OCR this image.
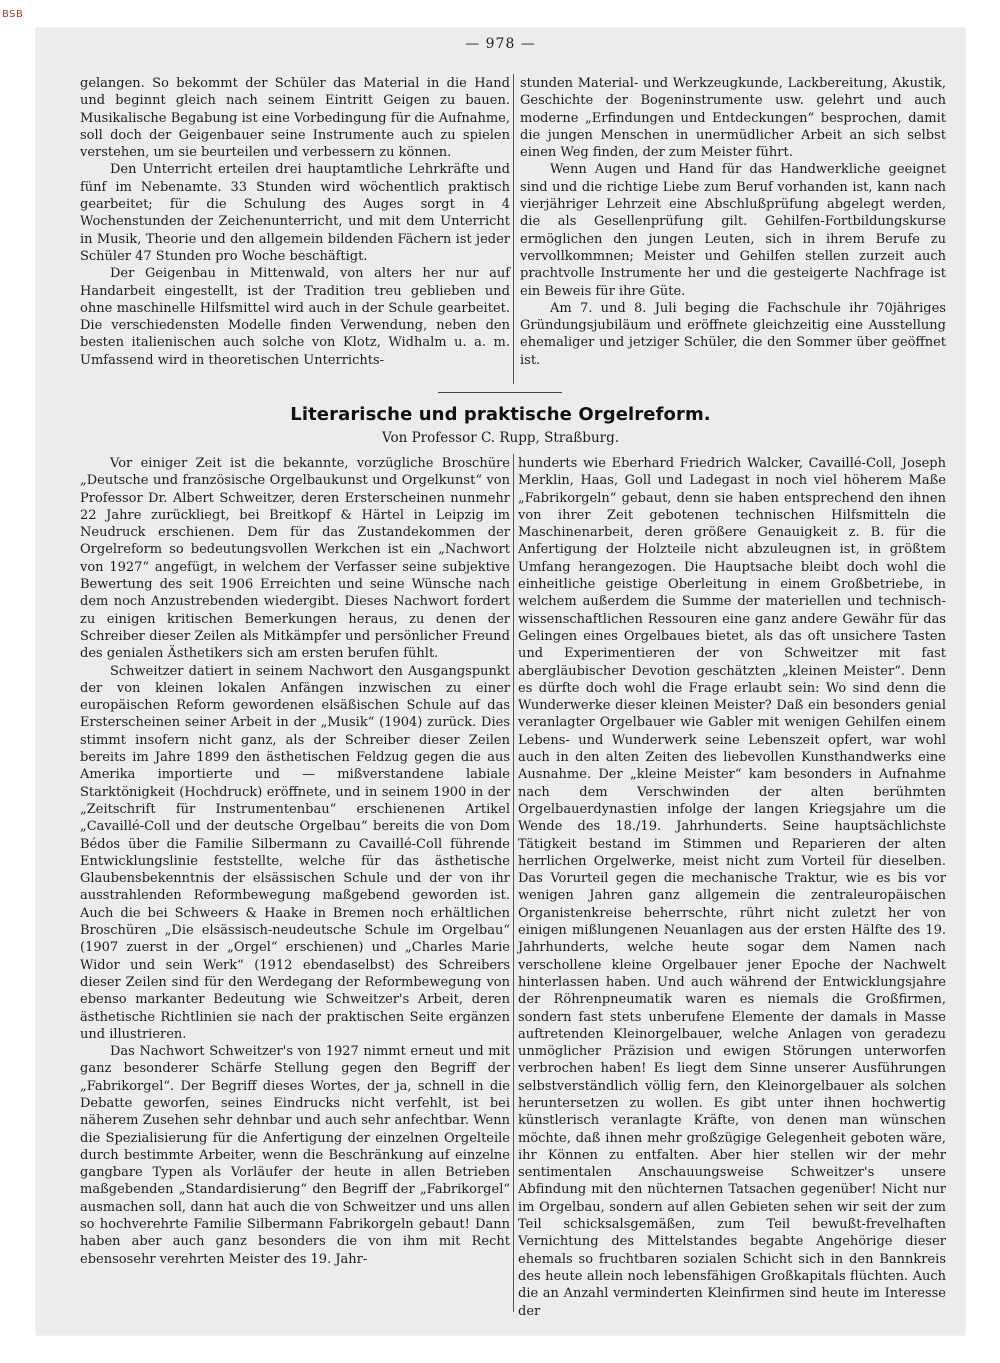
BSB
— 978 —

gelangen. So bekommt der Schüler das Material in die Hand und beginnt gleich nach seinem Eintritt Geigen zu bauen. Musikalische Begabung ist eine Vorbedingung für die Aufnahme, soll doch der Geigenbauer seine Instrumente auch zu spielen verstehen, um sie beurteilen und verbessern zu können.

Den Unterricht erteilen drei hauptamtliche Lehrkräfte und fünf im Nebenamte. 33 Stunden wird wöchentlich praktisch gearbeitet; für die Schulung des Auges sorgt in 4 Wochenstunden der Zeichenunterricht, und mit dem Unterricht in Musik, Theorie und den allgemein bildenden Fächern ist jeder Schüler 47 Stunden pro Woche beschäftigt.

Der Geigenbau in Mittenwald, von alters her nur auf Handarbeit eingestellt, ist der Tradition treu geblieben und ohne maschinelle Hilfsmittel wird auch in der Schule gearbeitet. Die verschiedensten Modelle finden Verwendung, neben den besten italienischen auch solche von Klotz, Widhalm u. a. m. Umfassend wird in theoretischen Unterrichts-

stunden Material- und Werkzeugkunde, Lackbereitung, Akustik, Geschichte der Bogeninstrumente usw. gelehrt und auch moderne „Erfindungen und Entdeckungen“ besprochen, damit die jungen Menschen in unermüdlicher Arbeit an sich selbst einen Weg finden, der zum Meister führt.

Wenn Augen und Hand für das Handwerkliche geeignet sind und die richtige Liebe zum Beruf vorhanden ist, kann nach vierjähriger Lehrzeit eine Abschlußprüfung abgelegt werden, die als Gesellenprüfung gilt. Gehilfen-Fortbildungskurse ermöglichen den jungen Leuten, sich in ihrem Berufe zu vervollkommnen; Meister und Gehilfen stellen zurzeit auch prachtvolle Instrumente her und die gesteigerte Nachfrage ist ein Beweis für ihre Güte.

Am 7. und 8. Juli beging die Fachschule ihr 70jähriges Gründungsjubiläum und eröffnete gleichzeitig eine Ausstellung ehemaliger und jetziger Schüler, die den Sommer über geöffnet ist.

Literarische und praktische Orgelreform.
Von Professor C. Rupp, Straßburg.

Vor einiger Zeit ist die bekannte, vorzügliche Broschüre „Deutsche und französische Orgelbaukunst und Orgelkunst“ von Professor Dr. Albert Schweitzer, deren Ersterscheinen nunmehr 22 Jahre zurückliegt, bei Breitkopf & Härtel in Leipzig im Neudruck erschienen. Dem für das Zustandekommen der Orgelreform so bedeutungsvollen Werkchen ist ein „Nachwort von 1927“ angefügt, in welchem der Verfasser seine subjektive Bewertung des seit 1906 Erreichten und seine Wünsche nach dem noch Anzustrebenden wiedergibt. Dieses Nachwort fordert zu einigen kritischen Bemerkungen heraus, zu denen der Schreiber dieser Zeilen als Mitkämpfer und persönlicher Freund des genialen Ästhetikers sich am ersten berufen fühlt.

Schweitzer datiert in seinem Nachwort den Ausgangspunkt der von kleinen lokalen Anfängen inzwischen zu einer europäischen Reform gewordenen elsäßischen Schule auf das Ersterscheinen seiner Arbeit in der „Musik“ (1904) zurück. Dies stimmt insofern nicht ganz, als der Schreiber dieser Zeilen bereits im Jahre 1899 den ästhetischen Feldzug gegen die aus Amerika importierte und — mißverstandene labiale Starktönigkeit (Hochdruck) eröffnete, und in seinem 1900 in der „Zeitschrift für Instrumentenbau“ erschienenen Artikel „Cavaillé-Coll und der deutsche Orgelbau“ bereits die von Dom Bédos über die Familie Silbermann zu Cavaillé-Coll führende Entwicklungslinie feststellte, welche für das ästhetische Glaubensbekenntnis der elsässischen Schule und der von ihr ausstrahlenden Reformbewegung maßgebend geworden ist. Auch die bei Schweers & Haake in Bremen noch erhältlichen Broschüren „Die elsässisch-neudeutsche Schule im Orgelbau“ (1907 zuerst in der „Orgel“ erschienen) und „Charles Marie Widor und sein Werk“ (1912 ebendaselbst) des Schreibers dieser Zeilen sind für den Werdegang der Reformbewegung von ebenso markanter Bedeutung wie Schweitzer's Arbeit, deren ästhetische Richtlinien sie nach der praktischen Seite ergänzen und illustrieren.

Das Nachwort Schweitzer's von 1927 nimmt erneut und mit ganz besonderer Schärfe Stellung gegen den Begriff der „Fabrikorgel“. Der Begriff dieses Wortes, der ja, schnell in die Debatte geworfen, seines Eindrucks nicht verfehlt, ist bei näherem Zusehen sehr dehnbar und auch sehr anfechtbar. Wenn die Spezialisierung für die Anfertigung der einzelnen Orgelteile durch bestimmte Arbeiter, wenn die Beschränkung auf einzelne gangbare Typen als Vorläufer der heute in allen Betrieben maßgebenden „Standardisierung“ den Begriff der „Fabrikorgel“ ausmachen soll, dann hat auch die von Schweitzer und uns allen so hochverehrte Familie Silbermann Fabrikorgeln gebaut! Dann haben aber auch ganz besonders die von ihm mit Recht ebensosehr verehrten Meister des 19. Jahr-

hunderts wie Eberhard Friedrich Walcker, Cavaillé-Coll, Joseph Merklin, Haas, Goll und Ladegast in noch viel höherem Maße „Fabrikorgeln“ gebaut, denn sie haben entsprechend den ihnen von ihrer Zeit gebotenen technischen Hilfsmitteln die Maschinenarbeit, deren größere Genauigkeit z. B. für die Anfertigung der Holzteile nicht abzuleugnen ist, in größtem Umfang herangezogen. Die Hauptsache bleibt doch wohl die einheitliche geistige Oberleitung in einem Großbetriebe, in welchem außerdem die Summe der materiellen und technisch-wissenschaftlichen Ressouren eine ganz andere Gewähr für das Gelingen eines Orgelbaues bietet, als das oft unsichere Tasten und Experimentieren der von Schweitzer mit fast abergläubischer Devotion geschätzten „kleinen Meister“. Denn es dürfte doch wohl die Frage erlaubt sein: Wo sind denn die Wunderwerke dieser kleinen Meister? Daß ein besonders genial veranlagter Orgelbauer wie Gabler mit wenigen Gehilfen einem Lebens- und Wunderwerk seine Lebenszeit opfert, war wohl auch in den alten Zeiten des liebevollen Kunsthandwerks eine Ausnahme. Der „kleine Meister“ kam besonders in Aufnahme nach dem Verschwinden der alten berühmten Orgelbauerdynastien infolge der langen Kriegsjahre um die Wende des 18./19. Jahrhunderts. Seine hauptsächlichste Tätigkeit bestand im Stimmen und Reparieren der alten herrlichen Orgelwerke, meist nicht zum Vorteil für dieselben. Das Vorurteil gegen die mechanische Traktur, wie es bis vor wenigen Jahren ganz allgemein die zentraleuropäischen Organistenkreise beherrschte, rührt nicht zuletzt her von einigen mißlungenen Neuanlagen aus der ersten Hälfte des 19. Jahrhunderts, welche heute sogar dem Namen nach verschollene kleine Orgelbauer jener Epoche der Nachwelt hinterlassen haben. Und auch während der Entwicklungsjahre der Röhrenpneumatik waren es niemals die Großfirmen, sondern fast stets unberufene Elemente der damals in Masse auftretenden Kleinorgelbauer, welche Anlagen von geradezu unmöglicher Präzision und ewigen Störungen unterworfen verbrochen haben! Es liegt dem Sinne unserer Ausführungen selbstverständlich völlig fern, den Kleinorgelbauer als solchen heruntersetzen zu wollen. Es gibt unter ihnen hochwertig künstlerisch veranlagte Kräfte, von denen man wünschen möchte, daß ihnen mehr großzügige Gelegenheit geboten wäre, ihr Können zu entfalten. Aber hier stellen wir der mehr sentimentalen Anschauungsweise Schweitzer's unsere Abfindung mit den nüchternen Tatsachen gegenüber! Nicht nur im Orgelbau, sondern auf allen Gebieten sehen wir seit der zum Teil schicksalsgemäßen, zum Teil bewußt-frevelhaften Vernichtung des Mittelstandes begabte Angehörige dieser ehemals so fruchtbaren sozialen Schicht sich in den Bannkreis des heute allein noch lebensfähigen Großkapitals flüchten. Auch die an Anzahl verminderten Kleinfirmen sind heute im Interesse der
